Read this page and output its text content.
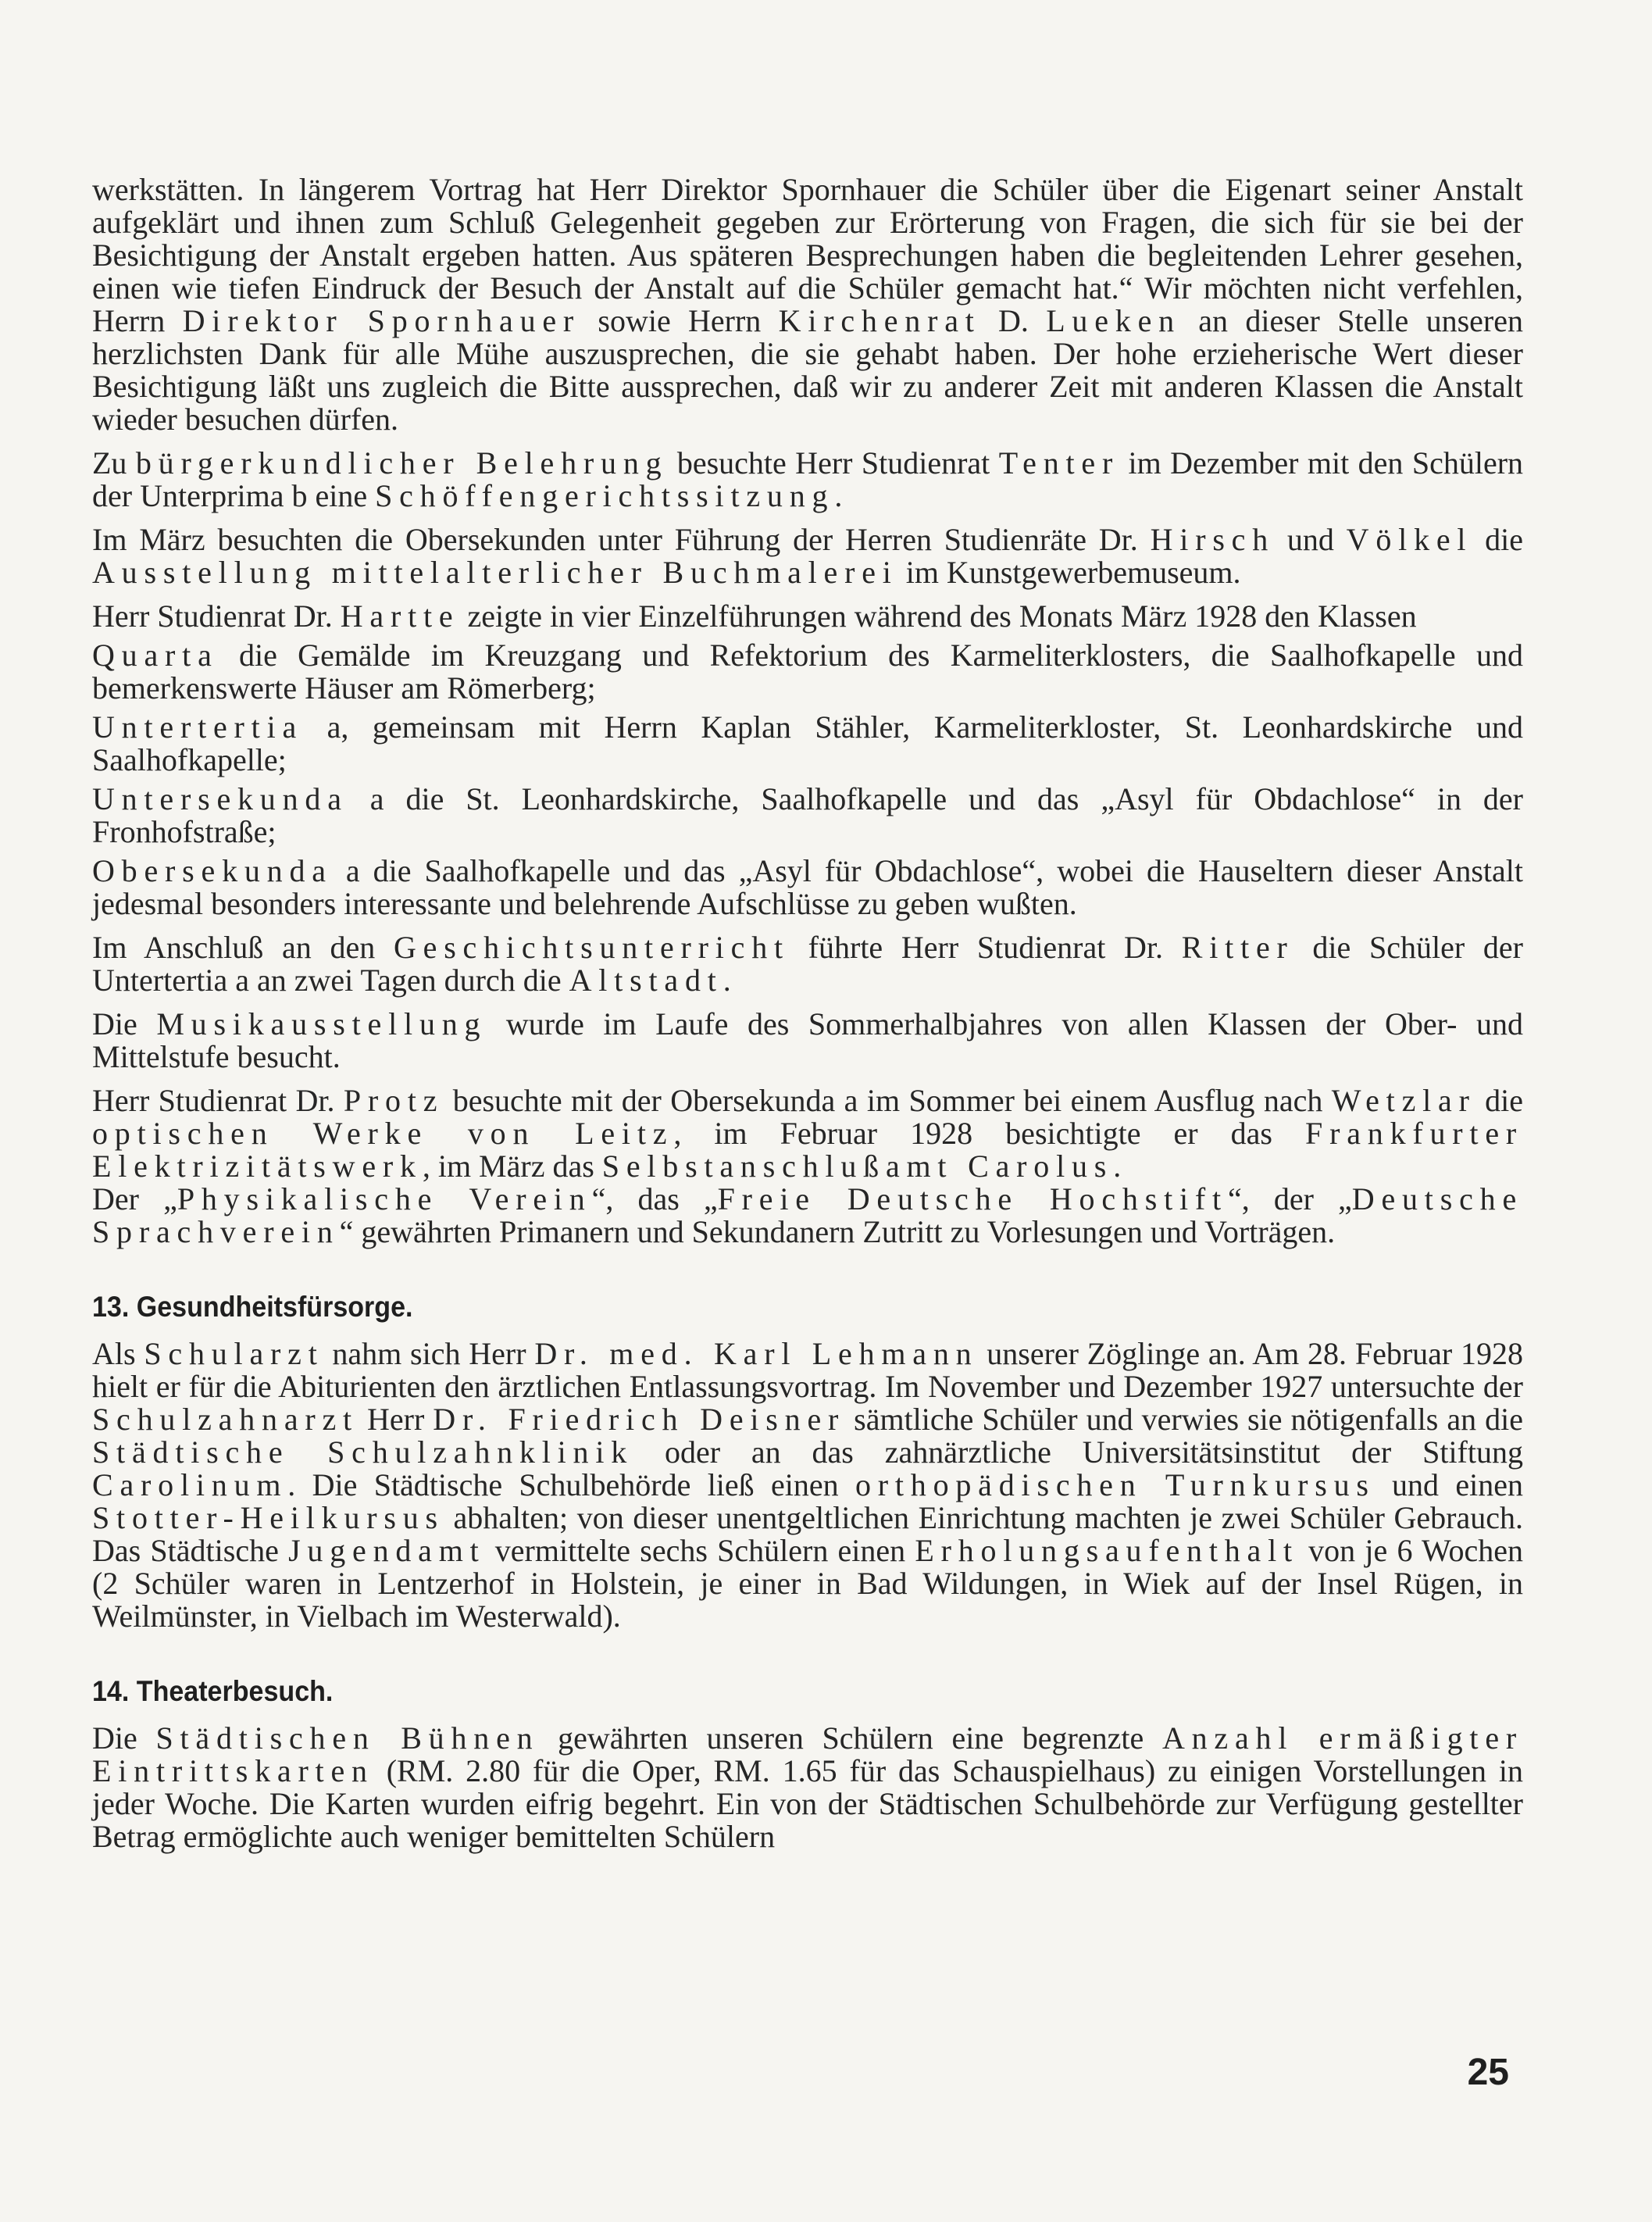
werkstätten. In längerem Vortrag hat Herr Direktor Spornhauer die Schüler über die Eigenart seiner Anstalt aufgeklärt und ihnen zum Schluß Gelegenheit gegeben zur Erörterung von Fragen, die sich für sie bei der Besichtigung der Anstalt ergeben hatten. Aus späteren Besprechungen haben die begleitenden Lehrer gesehen, einen wie tiefen Eindruck der Besuch der Anstalt auf die Schüler gemacht hat.“ Wir möchten nicht verfehlen, Herrn Direktor Spornhauer sowie Herrn Kirchenrat D. Lueken an dieser Stelle unseren herzlichsten Dank für alle Mühe auszusprechen, die sie gehabt haben. Der hohe erzieherische Wert dieser Besichtigung läßt uns zugleich die Bitte aussprechen, daß wir zu anderer Zeit mit anderen Klassen die Anstalt wieder besuchen dürfen.

Zu bürgerkundlicher Belehrung besuchte Herr Studienrat Tenter im Dezember mit den Schülern der Unterprima b eine Schöffengerichtssitzung.

Im März besuchten die Obersekunden unter Führung der Herren Studienräte Dr. Hirsch und Völkel die Ausstellung mittelalterlicher Buchmalerei im Kunstgewerbemuseum.

Herr Studienrat Dr. Hartte zeigte in vier Einzelführungen während des Monats März 1928 den Klassen

Quarta die Gemälde im Kreuzgang und Refektorium des Karmeliterklosters, die Saalhofkapelle und bemerkenswerte Häuser am Römerberg;

Untertertia a, gemeinsam mit Herrn Kaplan Stähler, Karmeliterkloster, St. Leonhardskirche und Saalhofkapelle;

Untersekunda a die St. Leonhardskirche, Saalhofkapelle und das „Asyl für Obdachlose“ in der Fronhofstraße;

Obersekunda a die Saalhofkapelle und das „Asyl für Obdachlose“, wobei die Hauseltern dieser Anstalt jedesmal besonders interessante und belehrende Aufschlüsse zu geben wußten.

Im Anschluß an den Geschichtsunterricht führte Herr Studienrat Dr. Ritter die Schüler der Untertertia a an zwei Tagen durch die Altstadt.

Die Musikausstellung wurde im Laufe des Sommerhalbjahres von allen Klassen der Ober- und Mittelstufe besucht.

Herr Studienrat Dr. Protz besuchte mit der Obersekunda a im Sommer bei einem Ausflug nach Wetzlar die optischen Werke von Leitz, im Februar 1928 besichtigte er das Frankfurter Elektrizitätswerk, im März das Selbstanschlußamt Carolus.

Der „Physikalische Verein“, das „Freie Deutsche Hochstift“, der „Deutsche Sprachverein“ gewährten Primanern und Sekundanern Zutritt zu Vorlesungen und Vorträgen.

13. Gesundheitsfürsorge.

Als Schularzt nahm sich Herr Dr. med. Karl Lehmann unserer Zöglinge an. Am 28. Februar 1928 hielt er für die Abiturienten den ärztlichen Entlassungsvortrag. Im November und Dezember 1927 untersuchte der Schulzahnarzt Herr Dr. Friedrich Deisner sämtliche Schüler und verwies sie nötigenfalls an die Städtische Schulzahnklinik oder an das zahnärztliche Universitätsinstitut der Stiftung Carolinum. Die Städtische Schulbehörde ließ einen orthopädischen Turnkursus und einen Stotter-Heilkursus abhalten; von dieser unentgeltlichen Einrichtung machten je zwei Schüler Gebrauch. Das Städtische Jugendamt vermittelte sechs Schülern einen Erholungsaufenthalt von je 6 Wochen (2 Schüler waren in Lentzerhof in Holstein, je einer in Bad Wildungen, in Wiek auf der Insel Rügen, in Weilmünster, in Vielbach im Westerwald).

14. Theaterbesuch.

Die Städtischen Bühnen gewährten unseren Schülern eine begrenzte Anzahl ermäßigter Eintrittskarten (RM. 2.80 für die Oper, RM. 1.65 für das Schauspielhaus) zu einigen Vorstellungen in jeder Woche. Die Karten wurden eifrig begehrt. Ein von der Städtischen Schulbehörde zur Verfügung gestellter Betrag ermöglichte auch weniger bemittelten Schülern

25
